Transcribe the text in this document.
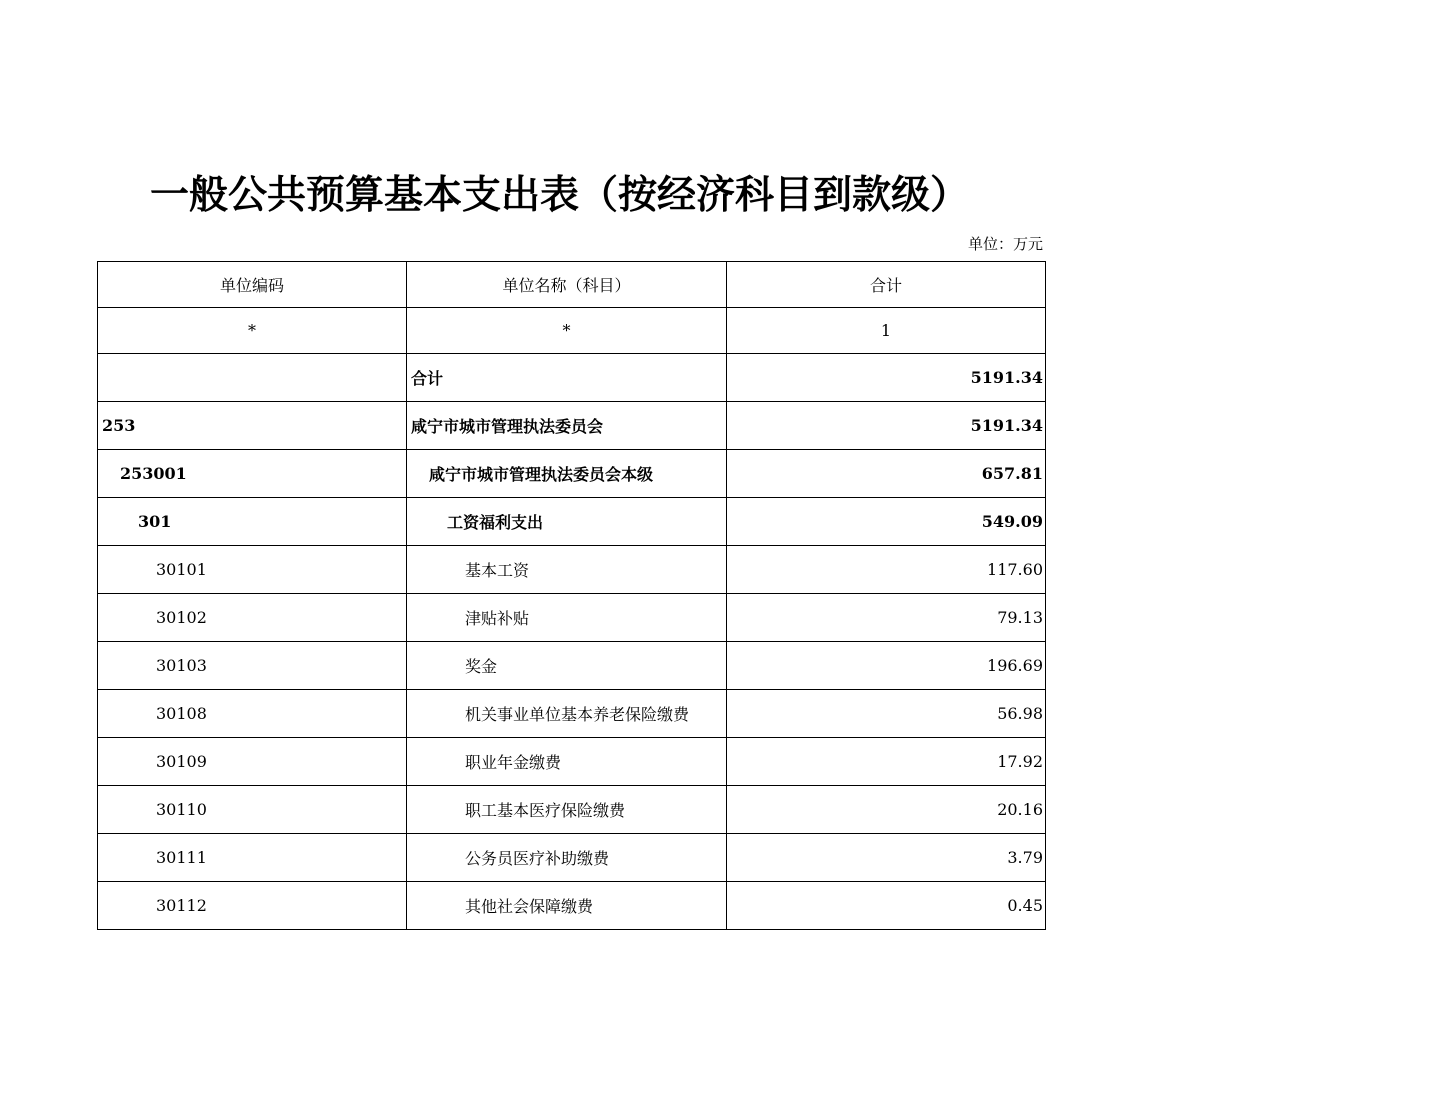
一般公共预算基本支出表（按经济科目到款级）
单位：万元
单位编码	单位名称（科目）	合计
*	*	1
	合计	5191.34
253	咸宁市城市管理执法委员会	5191.34
253001	咸宁市城市管理执法委员会本级	657.81
301	工资福利支出	549.09
30101	基本工资	117.60
30102	津贴补贴	79.13
30103	奖金	196.69
30108	机关事业单位基本养老保险缴费	56.98
30109	职业年金缴费	17.92
30110	职工基本医疗保险缴费	20.16
30111	公务员医疗补助缴费	3.79
30112	其他社会保障缴费	0.45
